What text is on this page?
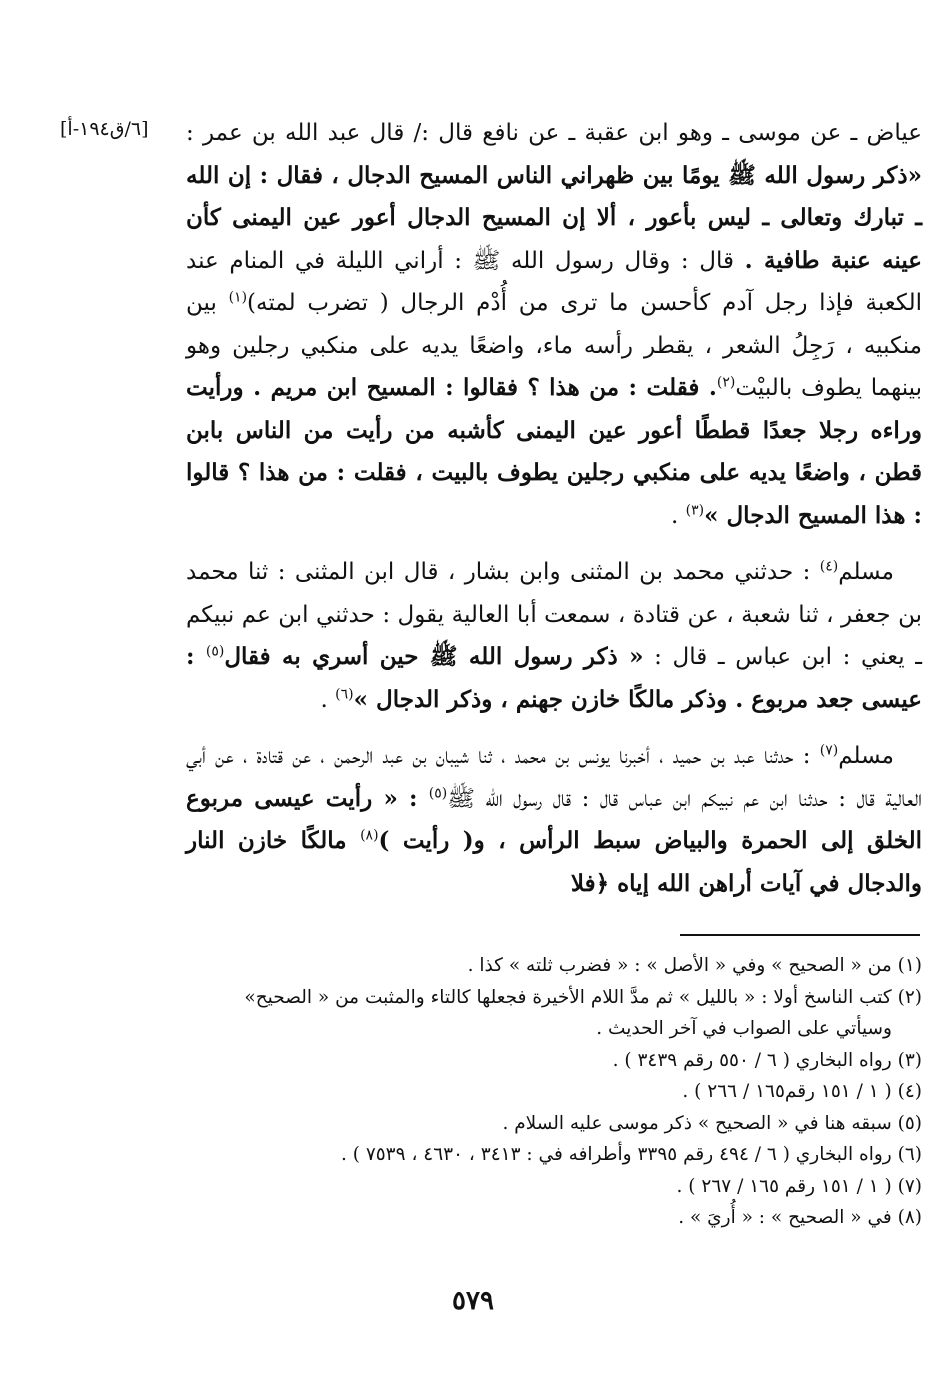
[٦/ق١٩٤-أ] عياض ـ عن موسى ـ وهو ابن عقبة ـ عن نافع قال :/ قال عبد الله بن عمر : «ذكر رسول الله ﷺ يومًا بين ظهراني الناس المسيح الدجال ، فقال : إن الله ـ تبارك وتعالى ـ ليس بأعور ، ألا إن المسيح الدجال أعور عين اليمنى كأن عينه عنبة طافية . قال : وقال رسول الله ﷺ : أراني الليلة في المنام عند الكعبة فإذا رجل آدم كأحسن ما ترى من أُدْم الرجال ( تضرب لمته)$^{(١)}$ بين منكبيه ، رَجِلُ الشعر ، يقطر رأسه ماء، واضعًا يديه على منكبي رجلين وهو بينهما يطوف بالبيْت$^{(٢)}$. فقلت : من هذا ؟ فقالوا : المسيح ابن مريم . ورأيت وراءه رجلا جعدًا قططًا أعور عين اليمنى كأشبه من رأيت من الناس بابن قطن ، واضعًا يديه على منكبي رجلين يطوف بالبيت ، فقلت : من هذا ؟ قالوا : هذا المسيح الدجال »$^{(٣)}$ .

مسلم$^{(٤)}$ : حدثني محمد بن المثنى وابن بشار ، قال ابن المثنى : ثنا محمد بن جعفر ، ثنا شعبة ، عن قتادة ، سمعت أبا العالية يقول : حدثني ابن عم نبيكم ـ يعني : ابن عباس ـ قال : « ذكر رسول الله ﷺ حين أسري به فقال$^{(٥)}$ : عيسى جعد مربوع . وذكر مالكًا خازن جهنم ، وذكر الدجال »$^{(٦)}$ .

مسلم$^{(٧)}$ : حدثنا عبد بن حميد ، أخبرنا يونس بن محمد ، ثنا شيبان بن عبد الرحمن ، عن قتادة ، عن أبي العالية قال : حدثنا ابن عم نبيكم ابن عباس قال : قال رسول الله ﷺ$^{(٥)}$ : « رأيت عيسى مربوع الخلق إلى الحمرة والبياض سبط الرأس ، و( رأيت )$^{(٨)}$ مالكًا خازن النار والدجال في آيات أراهن الله إياه ﴿فلا

(١) من « الصحيح » وفي « الأصل » : « فضرب ثلته » كذا .

(٢) كتب الناسخ أولا : « بالليل » ثم مدَّ اللام الأخيرة فجعلها كالتاء والمثبت من « الصحيح»

وسيأتي على الصواب في آخر الحديث .

(٣) رواه البخاري ( ٦ / ٥٥٠ رقم ٣٤٣٩ ) .

(٤) ( ١ / ١٥١ رقم١٦٥ / ٢٦٦ ) .

(٥) سبقه هنا في « الصحيح » ذكر موسى عليه السلام .

(٦) رواه البخاري ( ٦ / ٤٩٤ رقم ٣٣٩٥ وأطرافه في : ٣٤١٣ ، ٤٦٣٠ ، ٧٥٣٩ ) .

(٧) ( ١ / ١٥١ رقم ١٦٥ / ٢٦٧ ) .

(٨) في « الصحيح » : « أُريَ » .

٥٧٩
